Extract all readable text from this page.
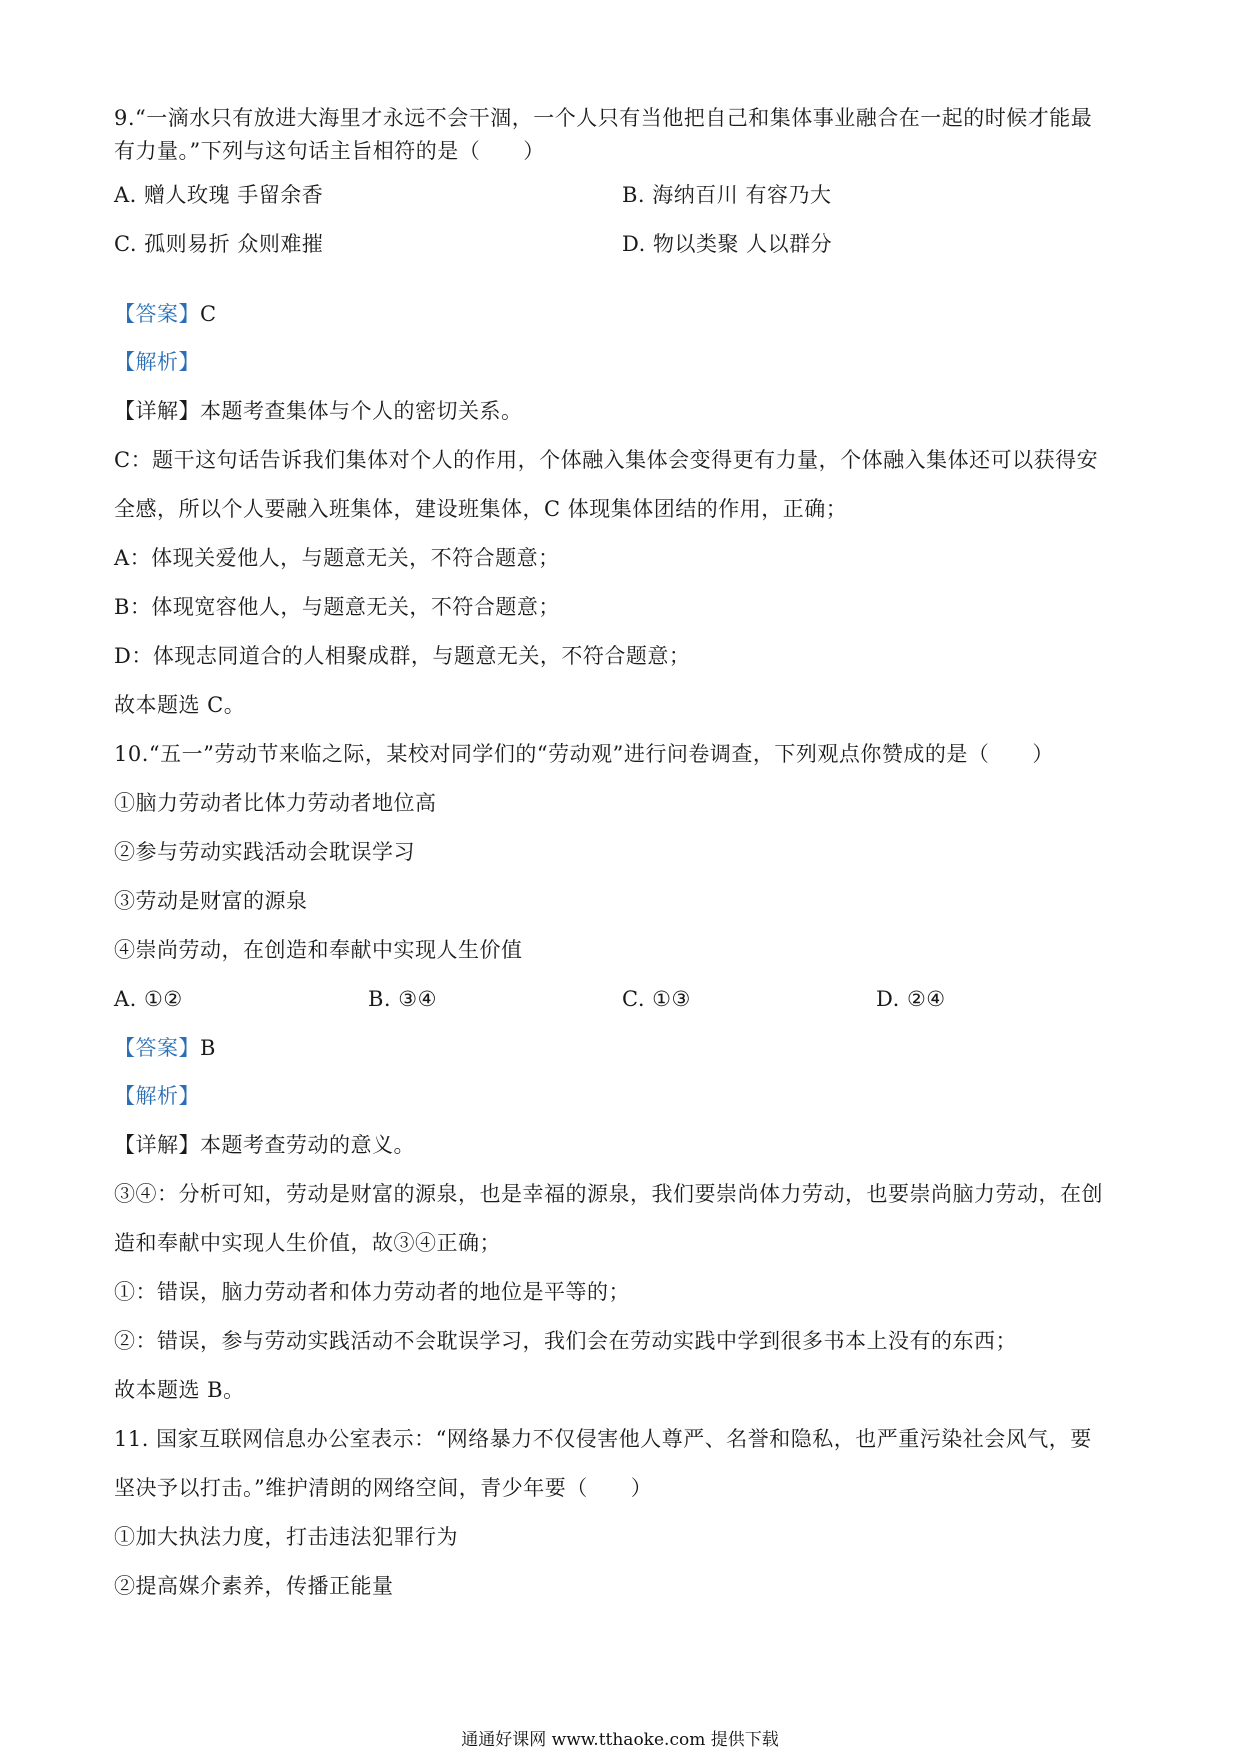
9.“一滴水只有放进大海里才永远不会干涸，一个人只有当他把自己和集体事业融合在一起的时候才能最
有力量。”下列与这句话主旨相符的是（　　）
A. 赠人玫瑰 手留余香	B. 海纳百川 有容乃大
C. 孤则易折 众则难摧	D. 物以类聚 人以群分
【答案】C
【解析】
【详解】本题考查集体与个人的密切关系。
C：题干这句话告诉我们集体对个人的作用，个体融入集体会变得更有力量，个体融入集体还可以获得安
全感，所以个人要融入班集体，建设班集体，C 体现集体团结的作用，正确；
A：体现关爱他人，与题意无关，不符合题意；
B：体现宽容他人，与题意无关，不符合题意；
D：体现志同道合的人相聚成群，与题意无关，不符合题意；
故本题选 C。
10.“五一”劳动节来临之际，某校对同学们的“劳动观”进行问卷调查，下列观点你赞成的是（　　）
①脑力劳动者比体力劳动者地位高
②参与劳动实践活动会耽误学习
③劳动是财富的源泉
④崇尚劳动，在创造和奉献中实现人生价值
A. ①②	B. ③④	C. ①③	D. ②④
【答案】B
【解析】
【详解】本题考查劳动的意义。
③④：分析可知，劳动是财富的源泉，也是幸福的源泉，我们要崇尚体力劳动，也要崇尚脑力劳动，在创
造和奉献中实现人生价值，故③④正确；
①：错误，脑力劳动者和体力劳动者的地位是平等的；
②：错误，参与劳动实践活动不会耽误学习，我们会在劳动实践中学到很多书本上没有的东西；
故本题选 B。
11. 国家互联网信息办公室表示：“网络暴力不仅侵害他人尊严、名誉和隐私，也严重污染社会风气，要
坚决予以打击。”维护清朗的网络空间，青少年要（　　）
①加大执法力度，打击违法犯罪行为
②提高媒介素养，传播正能量
通通好课网 www.tthaoke.com 提供下载
